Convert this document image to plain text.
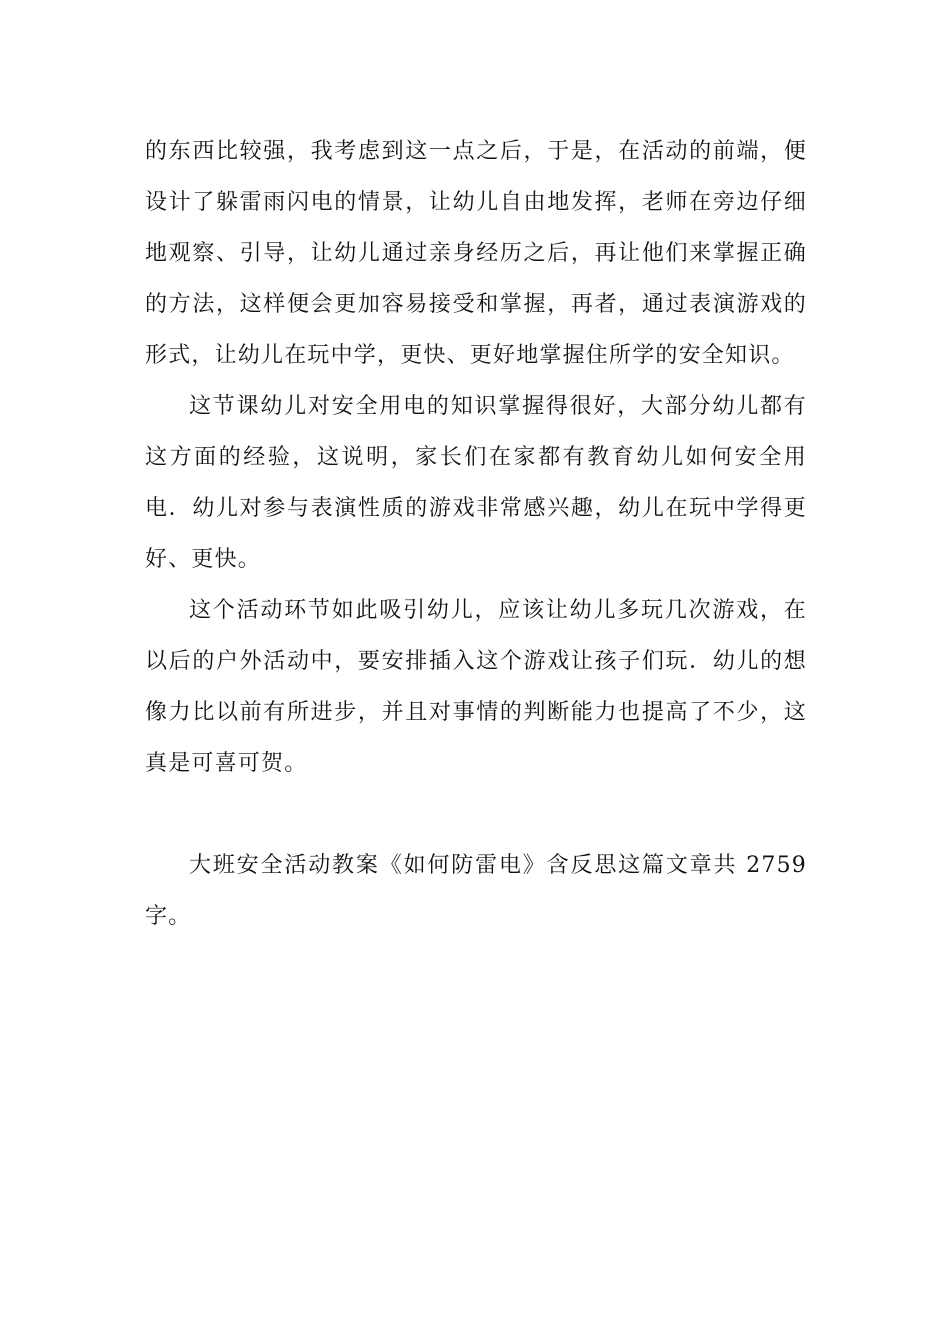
的东西比较强，我考虑到这一点之后，于是，在活动的前端，便设计了躲雷雨闪电的情景，让幼儿自由地发挥，老师在旁边仔细地观察、引导，让幼儿通过亲身经历之后，再让他们来掌握正确的方法，这样便会更加容易接受和掌握，再者，通过表演游戏的形式，让幼儿在玩中学，更快、更好地掌握住所学的安全知识。

这节课幼儿对安全用电的知识掌握得很好，大部分幼儿都有这方面的经验，这说明，家长们在家都有教育幼儿如何安全用电．幼儿对参与表演性质的游戏非常感兴趣，幼儿在玩中学得更好、更快。

这个活动环节如此吸引幼儿，应该让幼儿多玩几次游戏，在以后的户外活动中，要安排插入这个游戏让孩子们玩．幼儿的想像力比以前有所进步，并且对事情的判断能力也提高了不少，这真是可喜可贺。

大班安全活动教案《如何防雷电》含反思这篇文章共 2759 字。
